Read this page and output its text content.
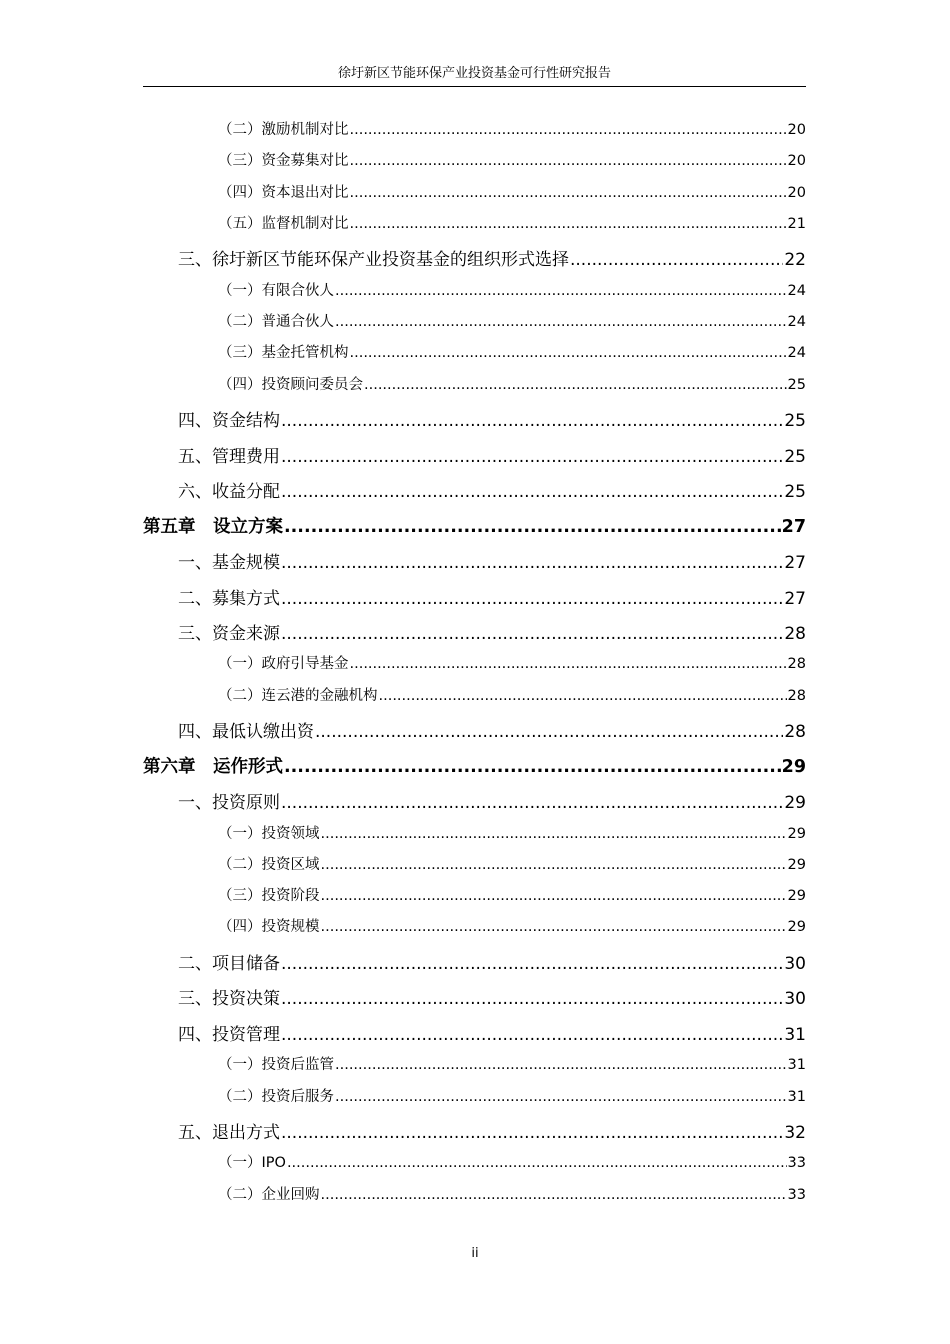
徐圩新区节能环保产业投资基金可行性研究报告
（二）激励机制对比 .....	20
（三）资金募集对比 .....	20
（四）资本退出对比 .....	20
（五）监督机制对比 .....	21
三、徐圩新区节能环保产业投资基金的组织形式选择 .....	22
（一）有限合伙人 .....	24
（二）普通合伙人 .....	24
（三）基金托管机构 .....	24
（四）投资顾问委员会 .....	25
四、资金结构 .....	25
五、管理费用 .....	25
六、收益分配 .....	25
第五章　设立方案 .....	27
一、基金规模 .....	27
二、募集方式 .....	27
三、资金来源 .....	28
（一）政府引导基金 .....	28
（二）连云港的金融机构 .....	28
四、最低认缴出资 .....	28
第六章　运作形式 .....	29
一、投资原则 .....	29
（一）投资领域 .....	29
（二）投资区域 .....	29
（三）投资阶段 .....	29
（四）投资规模 .....	29
二、项目储备 .....	30
三、投资决策 .....	30
四、投资管理 .....	31
（一）投资后监管 .....	31
（二）投资后服务 .....	31
五、退出方式 .....	32
（一）IPO .....	33
（二）企业回购 .....	33
ii
